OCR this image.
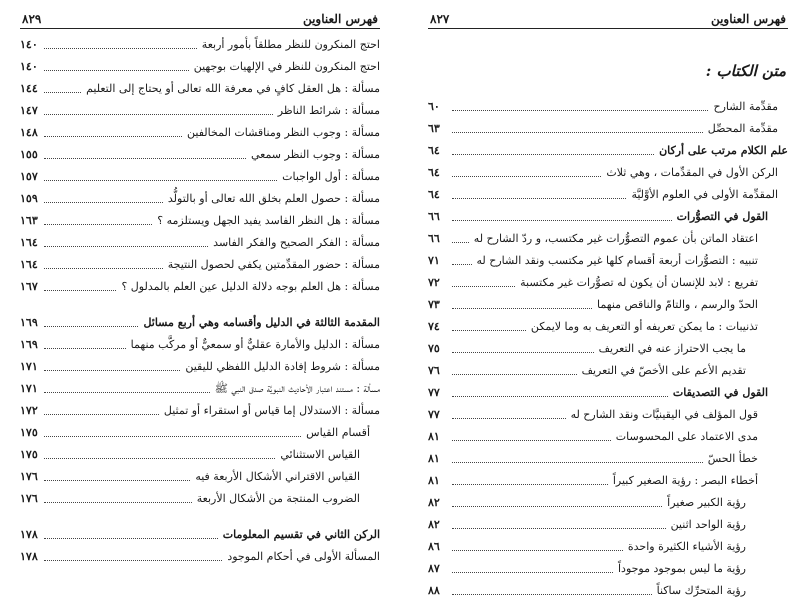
٨٢٩	فهرس العناوين
احتج المنكرون للنظر مطلقاً بأمور أربعة
١٤٠
احتج المنكرون للنظر في الإلهيات بوجهين
١٤٠
مسألة : هل العقل كافٍ في معرفة الله تعالى أو يحتاج إلى التعليم
١٤٤
مسألة : شرائط الناظر
١٤٧
مسألة : وجوب النظر ومناقشات المخالفين
١٤٨
مسألة : وجوب النظر سمعي
١٥٥
مسألة : أول الواجبات
١٥٧
مسألة : حصول العلم بخلق الله تعالى أو بالتولُّد
١٥٩
مسألة : هل النظر الفاسد يفيد الجهل ويستلزمه ؟
١٦٣
مسألة : الفكر الصحيح والفكر الفاسد
١٦٤
مسألة : حضور المقدِّمتين يكفي لحصول النتيجة
١٦٤
مسألة : هل العلم بوجه دلالة الدليل عين العلم بالمدلول ؟
١٦٧
المقدمة الثالثة في الدليل وأقسامه وهي أربع مسائل
١٦٩
مسألة : الدليل والأمارة عقليٌّ أو سمعيٌّ أو مركَّب منهما
١٦٩
مسألة : شروط إفادة الدليل اللفظي لليقين
١٧١
مسألة : مستند اعتبار الأحاديث النبويَّة صدق النبي ﷺ
١٧١
مسألة : الاستدلال إما قياس أو استقراء أو تمثيل
١٧٢
أقسام القياس
١٧٥
القياس الاستثنائي
١٧٥
القياس الاقتراني الأشكال الأربعة فيه
١٧٦
الضروب المنتجة من الأشكال الأربعة
١٧٦
الركن الثاني في تقسيم المعلومات
١٧٨
المسألة الأولى في أحكام الموجود
١٧٨
٨٢٧	فهرس العناوين
متن الكتاب :
مقدِّمة الشارح
٦٠
مقدِّمة المحصِّل
٦٣
علم الكلام مرتب على أركان
٦٤
الركن الأول في المقدِّمات ، وهي ثلاث
٦٤
المقدِّمة الأولى في العلوم الأوَّليَّة
٦٤
القول في التصوُّرات
٦٦
اعتقاد الماتن بأن عموم التصوُّرات غير مكتسب، و ردّ الشارح له
٦٦
تنبيه : التصوُّرات أربعة أقسام كلها غير مكتسب ونقد الشارح له
٧١
تفريع : لابد للإنسان أن يكون له تصوُّرات غير مكتسبة
٧٢
الحدّ والرسم ، والتامّ والناقص منهما
٧٣
تذنيبات : ما يمكن تعريفه أو التعريف به وما لايمكن
٧٤
ما يجب الاحتراز عنه في التعريف
٧٥
تقديم الأعم على الأخصّ في التعريف
٧٦
القول في التصديقات
٧٧
قول المؤلف في اليقينيَّات ونقد الشارح له
٧٧
مدى الاعتماد على المحسوسات
٨١
خطأ الحسّ
٨١
أخطاء البصر : رؤية الصغير كبيراً
٨١
رؤية الكبير صغيراً
٨٢
رؤية الواحد اثنين
٨٢
رؤية الأشياء الكثيرة واحدة
٨٦
رؤية ما ليس بموجود موجوداً
٨٧
رؤية المتحرِّك ساكناً
٨٨
